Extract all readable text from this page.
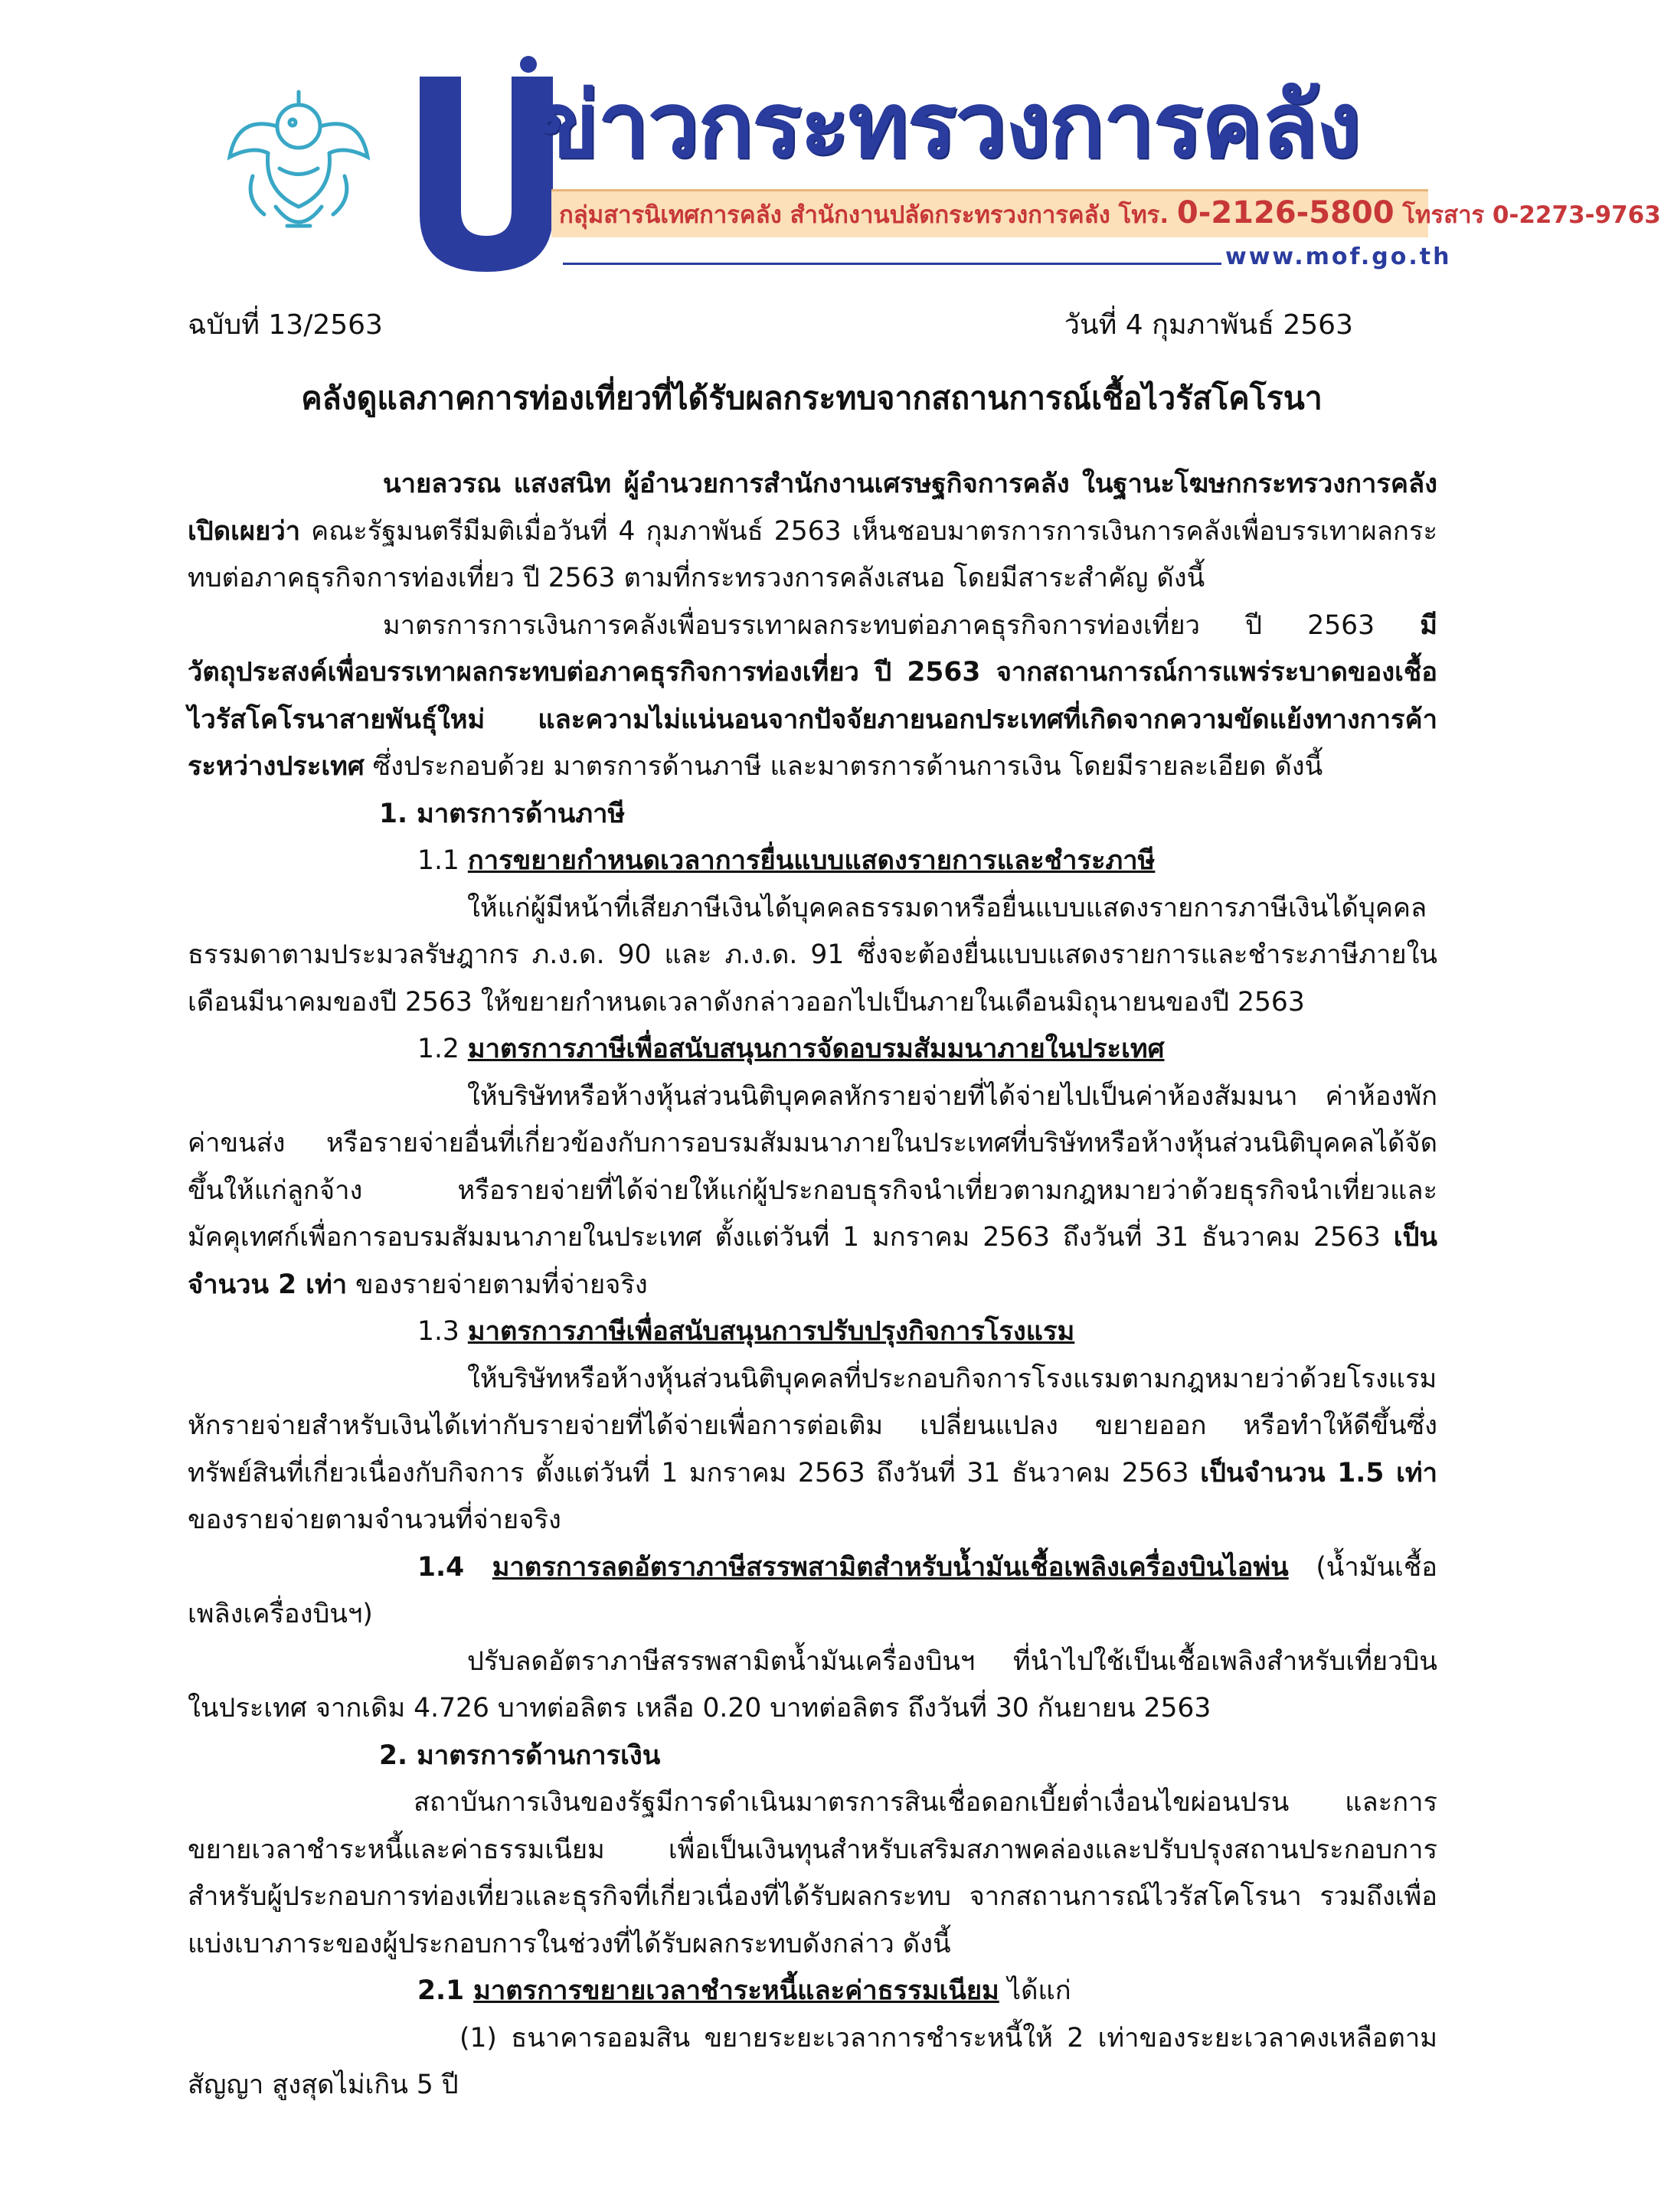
ข่าวกระทรวงการคลัง
กลุ่มสารนิเทศการคลัง สำนักงานปลัดกระทรวงการคลัง โทร. 0-2126-5800 โทรสาร 0-2273-9763
www.mof.go.th
ฉบับที่ 13/2563	วันที่ 4 กุมภาพันธ์ 2563
คลังดูแลภาคการท่องเที่ยวที่ได้รับผลกระทบจากสถานการณ์เชื้อไวรัสโคโรนา

นายลวรณ แสงสนิท ผู้อำนวยการสำนักงานเศรษฐกิจการคลัง ในฐานะโฆษกกระทรวงการคลัง เปิดเผยว่า คณะรัฐมนตรีมีมติเมื่อวันที่ 4 กุมภาพันธ์ 2563 เห็นชอบมาตรการการเงินการคลังเพื่อบรรเทาผลกระทบต่อภาคธุรกิจการท่องเที่ยว ปี 2563 ตามที่กระทรวงการคลังเสนอ โดยมีสาระสำคัญ ดังนี้

มาตรการการเงินการคลังเพื่อบรรเทาผลกระทบต่อภาคธุรกิจการท่องเที่ยว ปี 2563 มีวัตถุประสงค์เพื่อบรรเทาผลกระทบต่อภาคธุรกิจการท่องเที่ยว ปี 2563 จากสถานการณ์การแพร่ระบาดของเชื้อไวรัสโคโรนาสายพันธุ์ใหม่ และความไม่แน่นอนจากปัจจัยภายนอกประเทศที่เกิดจากความขัดแย้งทางการค้าระหว่างประเทศ ซึ่งประกอบด้วย มาตรการด้านภาษี และมาตรการด้านการเงิน โดยมีรายละเอียด ดังนี้

1. มาตรการด้านภาษี

1.1 การขยายกำหนดเวลาการยื่นแบบแสดงรายการและชำระภาษี

ให้แก่ผู้มีหน้าที่เสียภาษีเงินได้บุคคลธรรมดาหรือยื่นแบบแสดงรายการภาษีเงินได้บุคคลธรรมดาตามประมวลรัษฎากร ภ.ง.ด. 90 และ ภ.ง.ด. 91 ซึ่งจะต้องยื่นแบบแสดงรายการและชำระภาษีภายในเดือนมีนาคมของปี 2563 ให้ขยายกำหนดเวลาดังกล่าวออกไปเป็นภายในเดือนมิถุนายนของปี 2563

1.2 มาตรการภาษีเพื่อสนับสนุนการจัดอบรมสัมมนาภายในประเทศ

ให้บริษัทหรือห้างหุ้นส่วนนิติบุคคลหักรายจ่ายที่ได้จ่ายไปเป็นค่าห้องสัมมนา ค่าห้องพัก ค่าขนส่ง หรือรายจ่ายอื่นที่เกี่ยวข้องกับการอบรมสัมมนาภายในประเทศที่บริษัทหรือห้างหุ้นส่วนนิติบุคคลได้จัดขึ้นให้แก่ลูกจ้าง หรือรายจ่ายที่ได้จ่ายให้แก่ผู้ประกอบธุรกิจนำเที่ยวตามกฎหมายว่าด้วยธุรกิจนำเที่ยวและมัคคุเทศก์เพื่อการอบรมสัมมนาภายในประเทศ ตั้งแต่วันที่ 1 มกราคม 2563 ถึงวันที่ 31 ธันวาคม 2563 เป็นจำนวน 2 เท่า ของรายจ่ายตามที่จ่ายจริง

1.3 มาตรการภาษีเพื่อสนับสนุนการปรับปรุงกิจการโรงแรม

ให้บริษัทหรือห้างหุ้นส่วนนิติบุคคลที่ประกอบกิจการโรงแรมตามกฎหมายว่าด้วยโรงแรมหักรายจ่ายสำหรับเงินได้เท่ากับรายจ่ายที่ได้จ่ายเพื่อการต่อเติม เปลี่ยนแปลง ขยายออก หรือทำให้ดีขึ้นซึ่งทรัพย์สินที่เกี่ยวเนื่องกับกิจการ ตั้งแต่วันที่ 1 มกราคม 2563 ถึงวันที่ 31 ธันวาคม 2563 เป็นจำนวน 1.5 เท่า ของรายจ่ายตามจำนวนที่จ่ายจริง

1.4 มาตรการลดอัตราภาษีสรรพสามิตสำหรับน้ำมันเชื้อเพลิงเครื่องบินไอพ่น (น้ำมันเชื้อเพลิงเครื่องบินฯ)

ปรับลดอัตราภาษีสรรพสามิตน้ำมันเครื่องบินฯ ที่นำไปใช้เป็นเชื้อเพลิงสำหรับเที่ยวบินในประเทศ จากเดิม 4.726 บาทต่อลิตร เหลือ 0.20 บาทต่อลิตร ถึงวันที่ 30 กันยายน 2563

2. มาตรการด้านการเงิน

สถาบันการเงินของรัฐมีการดำเนินมาตรการสินเชื่อดอกเบี้ยต่ำเงื่อนไขผ่อนปรน และการขยายเวลาชำระหนี้และค่าธรรมเนียม เพื่อเป็นเงินทุนสำหรับเสริมสภาพคล่องและปรับปรุงสถานประกอบการ สำหรับผู้ประกอบการท่องเที่ยวและธุรกิจที่เกี่ยวเนื่องที่ได้รับผลกระทบ จากสถานการณ์ไวรัสโคโรนา รวมถึงเพื่อแบ่งเบาภาระของผู้ประกอบการในช่วงที่ได้รับผลกระทบดังกล่าว ดังนี้

2.1 มาตรการขยายเวลาชำระหนี้และค่าธรรมเนียม ได้แก่

(1) ธนาคารออมสิน ขยายระยะเวลาการชำระหนี้ให้ 2 เท่าของระยะเวลาคงเหลือตามสัญญา สูงสุดไม่เกิน 5 ปี
